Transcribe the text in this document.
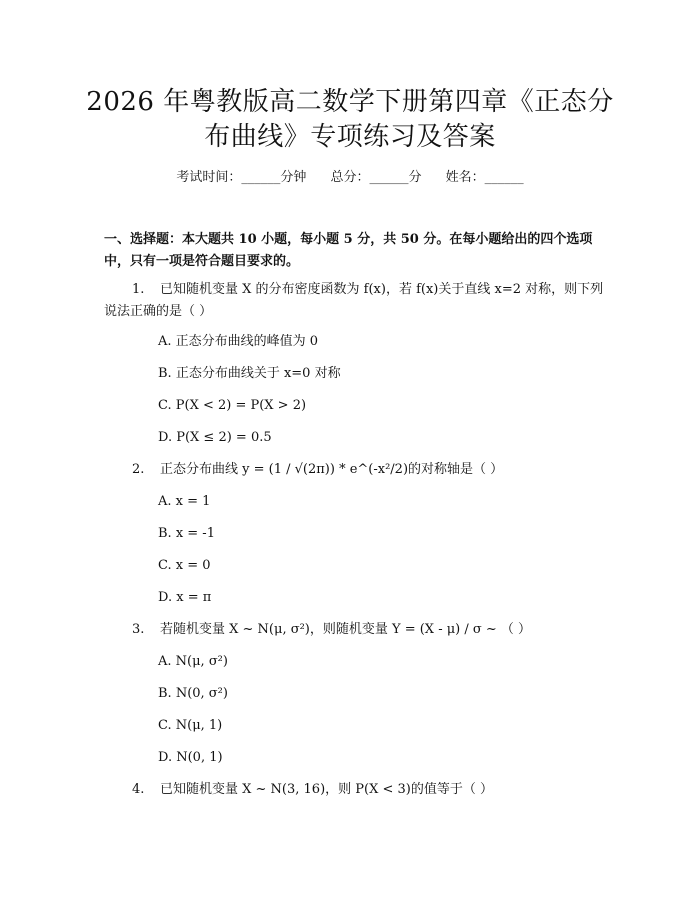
2026 年粤教版高二数学下册第四章《正态分
布曲线》专项练习及答案
考试时间：______分钟 总分：______分 姓名：______
一、选择题：本大题共 10 小题，每小题 5 分，共 50 分。在每小题给出的四个选项中，只有一项是符合题目要求的。
1. 已知随机变量 X 的分布密度函数为 f(x)，若 f(x)关于直线 x=2 对称，则下列说法正确的是（ ）
A. 正态分布曲线的峰值为 0
B. 正态分布曲线关于 x=0 对称
C. P(X < 2) = P(X > 2)
D. P(X ≤ 2) = 0.5
2. 正态分布曲线 y = (1 / √(2π)) * e^(-x²/2)的对称轴是（ ）
A. x = 1
B. x = -1
C. x = 0
D. x = π
3. 若随机变量 X ~ N(μ, σ²)，则随机变量 Y = (X - μ) / σ ~ （ ）
A. N(μ, σ²)
B. N(0, σ²)
C. N(μ, 1)
D. N(0, 1)
4. 已知随机变量 X ~ N(3, 16)，则 P(X < 3)的值等于（ ）
